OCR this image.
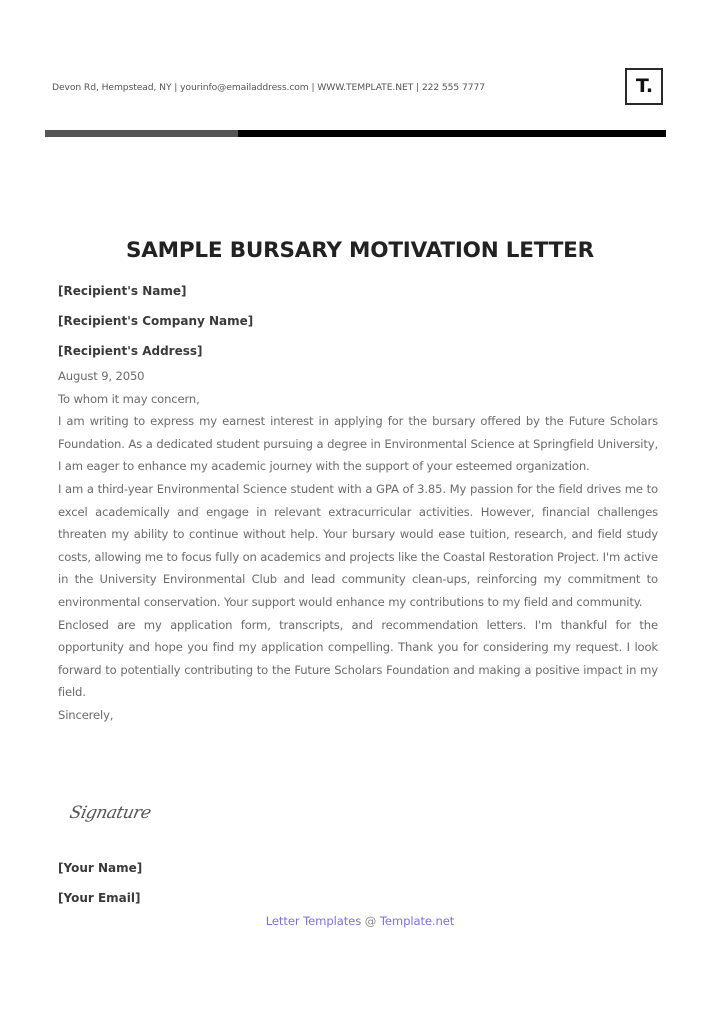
Devon Rd, Hempstead, NY | yourinfo@emailaddress.com | WWW.TEMPLATE.NET | 222 555 7777	T.
SAMPLE BURSARY MOTIVATION LETTER

[Recipient's Name]

[Recipient's Company Name]

[Recipient's Address]

August 9, 2050

To whom it may concern,

I am writing to express my earnest interest in applying for the bursary offered by the Future Scholars Foundation. As a dedicated student pursuing a degree in Environmental Science at Springfield University, I am eager to enhance my academic journey with the support of your esteemed organization.

I am a third-year Environmental Science student with a GPA of 3.85. My passion for the field drives me to excel academically and engage in relevant extracurricular activities. However, financial challenges threaten my ability to continue without help. Your bursary would ease tuition, research, and field study costs, allowing me to focus fully on academics and projects like the Coastal Restoration Project. I'm active in the University Environmental Club and lead community clean-ups, reinforcing my commitment to environmental conservation. Your support would enhance my contributions to my field and community.

Enclosed are my application form, transcripts, and recommendation letters. I'm thankful for the opportunity and hope you find my application compelling. Thank you for considering my request. I look forward to potentially contributing to the Future Scholars Foundation and making a positive impact in my field.

Sincerely,

Signature

[Your Name]

[Your Email]

Letter Templates @ Template.net
